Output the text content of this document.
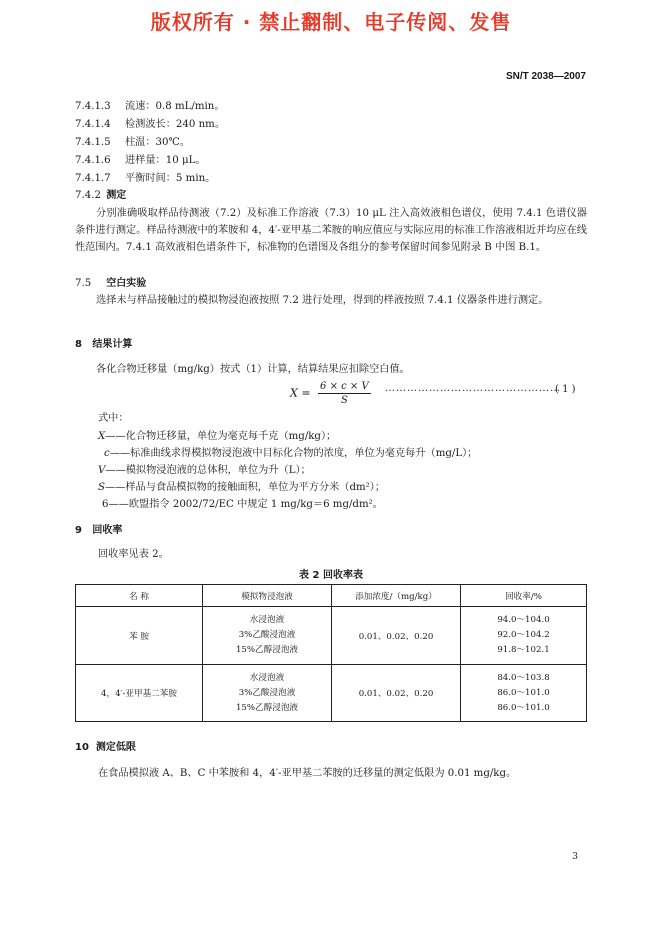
版权所有 · 禁止翻制、电子传阅、发售
SN/T 2038—2007
7.4.1.3 流速：0.8 mL/min。
7.4.1.4 检测波长：240 nm。
7.4.1.5 柱温：30℃。
7.4.1.6 进样量：10 μL。
7.4.1.7 平衡时间：5 min。
7.4.2 测定
分别准确吸取样品待测液（7.2）及标准工作溶液（7.3）10 μL 注入高效液相色谱仪，使用 7.4.1 色谱仪器条件进行测定。样品待测液中的苯胺和 4，4′-亚甲基二苯胺的响应值应与实际应用的标准工作溶液相近并均应在线性范围内。7.4.1 高效液相色谱条件下，标准物的色谱图及各组分的参考保留时间参见附录 B 中图 B.1。
7.5 空白实验
选择未与样品接触过的模拟物浸泡液按照 7.2 进行处理，得到的样液按照 7.4.1 仪器条件进行测定。
8 结果计算
各化合物迁移量（mg/kg）按式（1）计算，结算结果应扣除空白值。
$X = \frac{6 \times c \times V}{S}$ …………………………………………
( 1 )
式中：
X——化合物迁移量，单位为毫克每千克（mg/kg）；
c——标准曲线求得模拟物浸泡液中目标化合物的浓度，单位为毫克每升（mg/L）；
V——模拟物浸泡液的总体积，单位为升（L）；
S——样品与食品模拟物的接触面积，单位为平方分米（dm²）；
6——欧盟指令 2002/72/EC 中规定 1 mg/kg＝6 mg/dm²。
9 回收率
回收率见表 2。
表 2 回收率表
名 称	模拟物浸泡液	添加浓度/（mg/kg）	回收率/%
苯 胺	水浸泡液
3%乙酸浸泡液
15%乙醇浸泡液	0.01、0.02、0.20	94.0～104.0
92.0～104.2
91.8～102.1

4，4′-亚甲基二苯胺	水浸泡液
3%乙酸浸泡液
15%乙醇浸泡液	0.01、0.02、0.20	84.0～103.8
86.0～101.0
86.0～101.0
10 测定低限
在食品模拟液 A、B、C 中苯胺和 4，4′-亚甲基二苯胺的迁移量的测定低限为 0.01 mg/kg。
3
